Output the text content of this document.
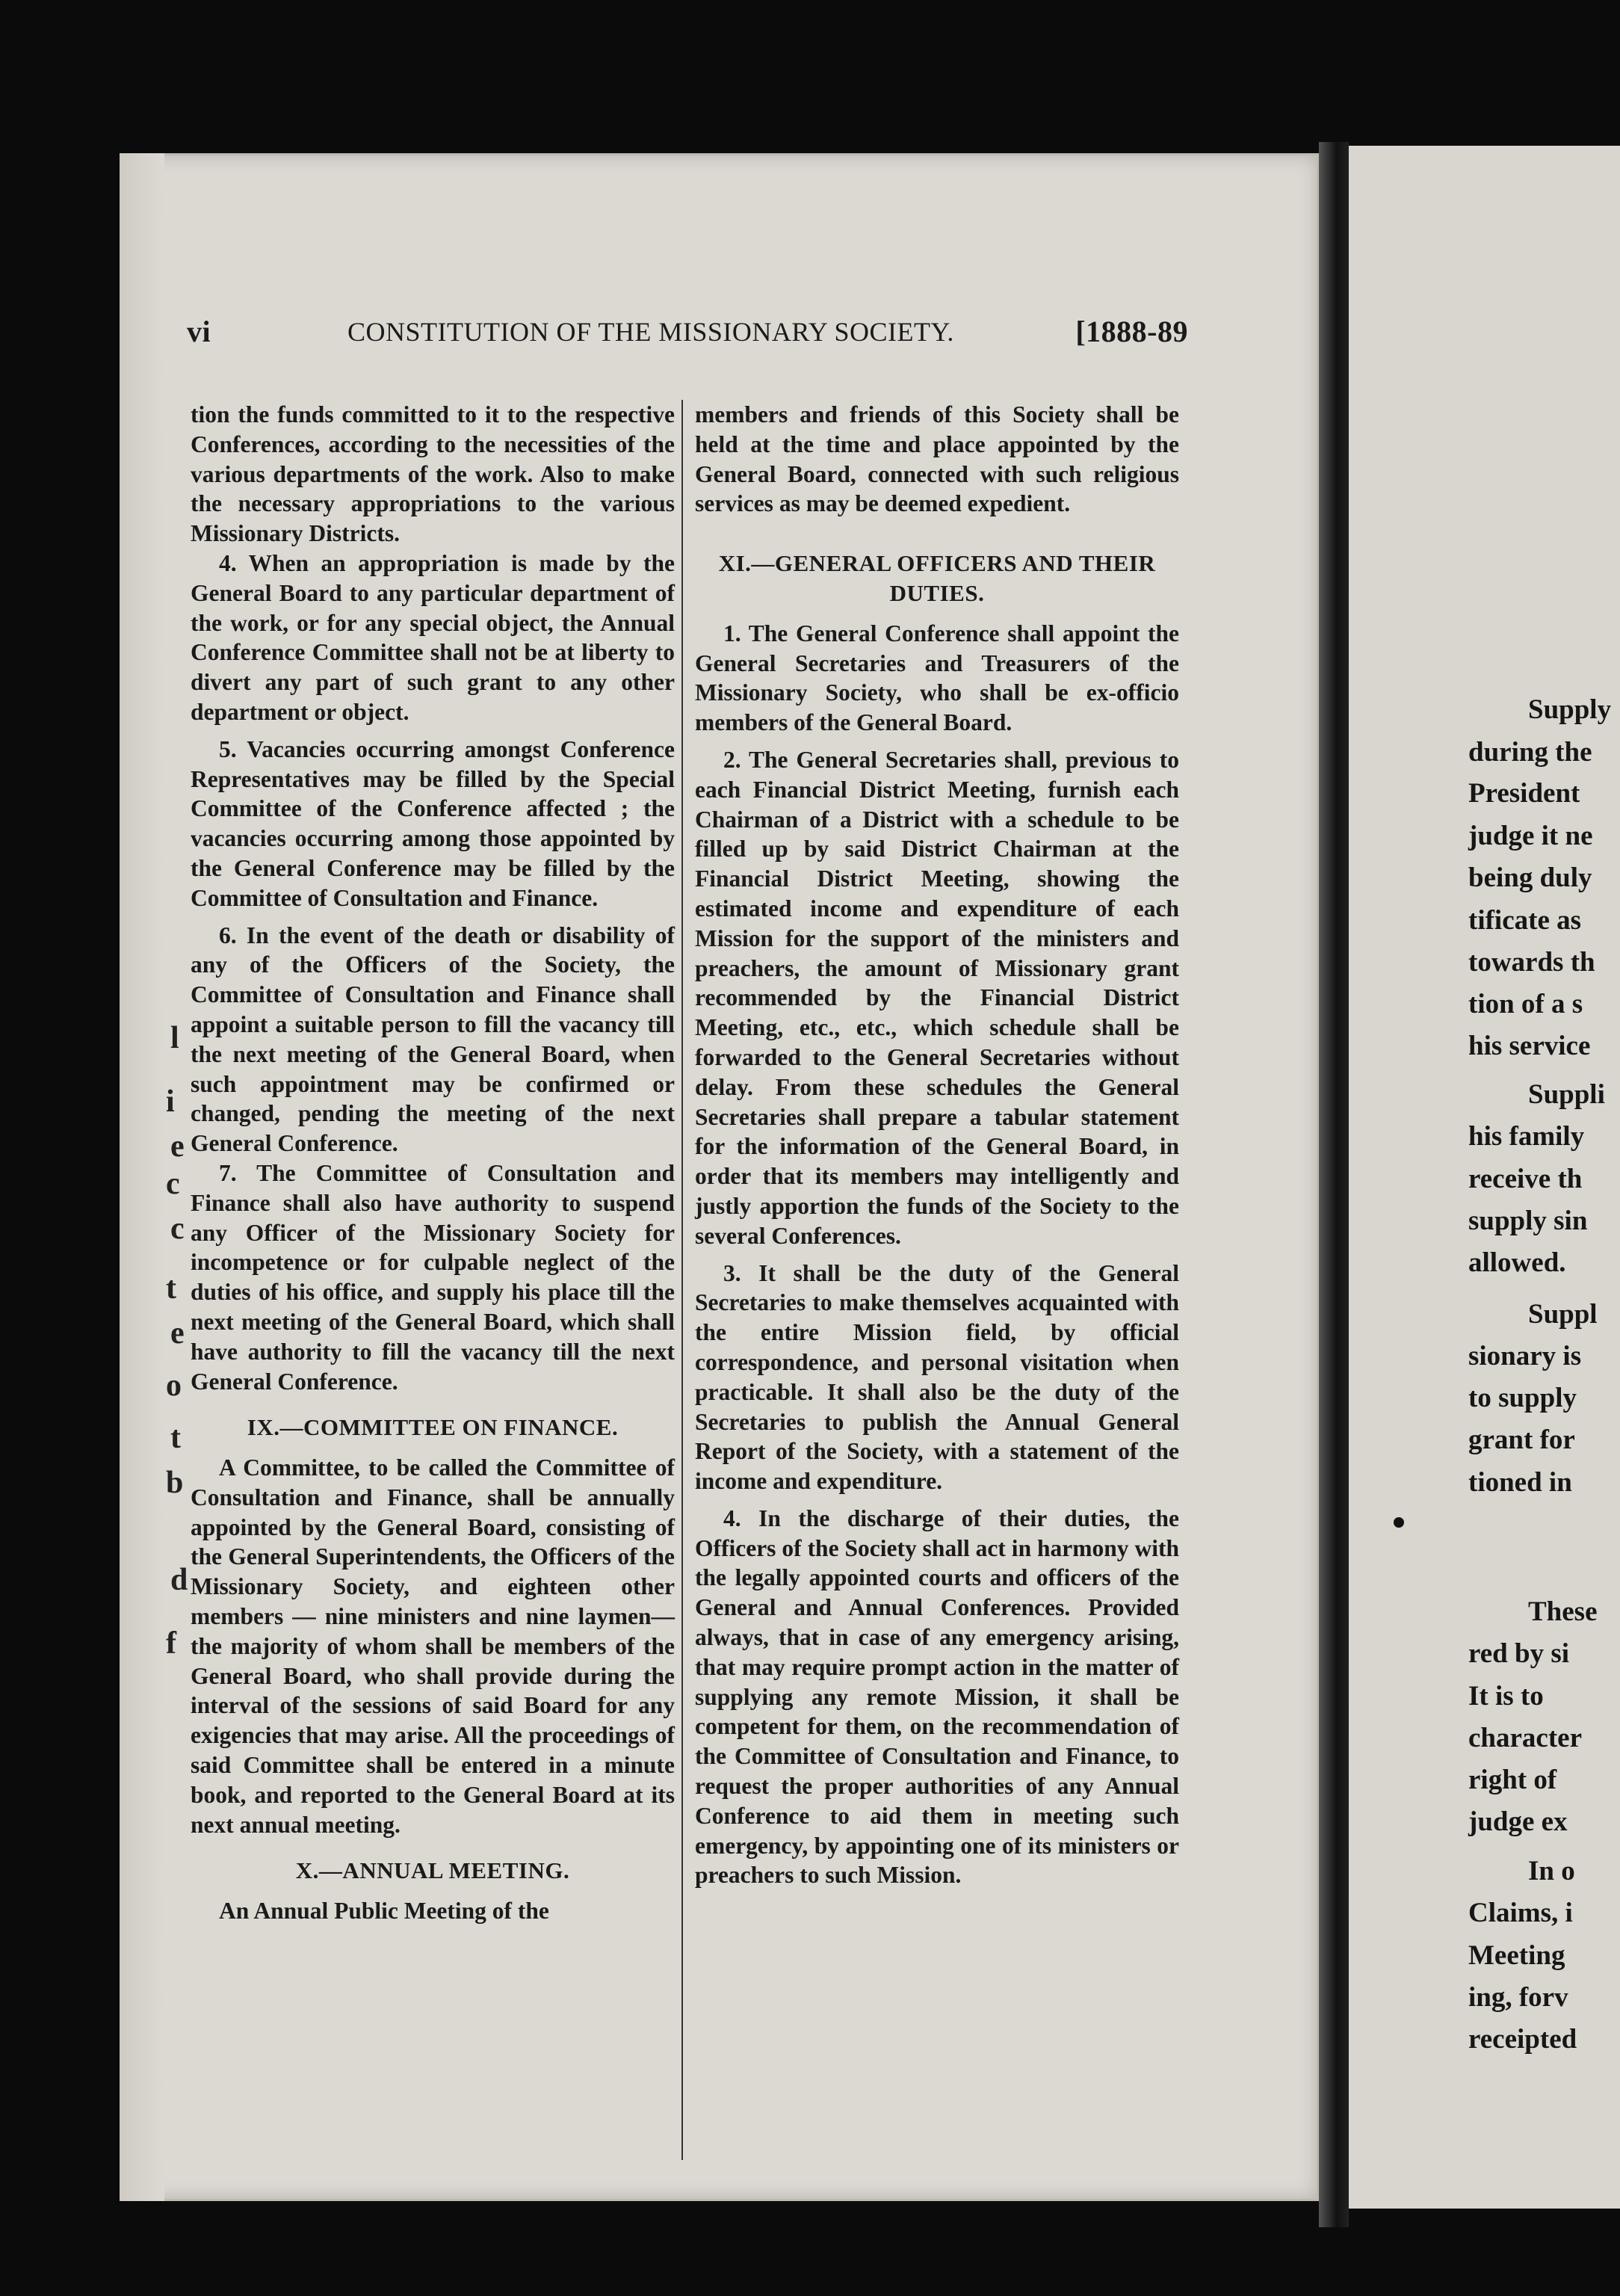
Supply
during the
President
judge it ne
being duly
tificate as
towards th
tion of a s
his service
Suppli
his family
receive th
supply sin
allowed.
Suppl
sionary is
to supply
grant for
tioned in
These
red by si
It is to
character
right of
judge ex
In o
Claims, i
Meeting
ing, forv
receipted
l
i
e
c
c
t
e
o
t
b
d
f
vi	CONSTITUTION OF THE MISSIONARY SOCIETY.	[1888-89

tion the funds committed to it to the respective Conferences, according to the necessities of the various departments of the work. Also to make the necessary appropriations to the various Missionary Districts.

4. When an appropriation is made by the General Board to any particular department of the work, or for any special object, the Annual Conference Committee shall not be at liberty to divert any part of such grant to any other department or object.

5. Vacancies occurring amongst Conference Representatives may be filled by the Special Committee of the Conference affected ; the vacancies occurring among those appointed by the General Conference may be filled by the Committee of Consultation and Finance.

6. In the event of the death or disability of any of the Officers of the Society, the Committee of Consultation and Finance shall appoint a suitable person to fill the vacancy till the next meeting of the General Board, when such appointment may be confirmed or changed, pending the meeting of the next General Conference.

7. The Committee of Consultation and Finance shall also have authority to suspend any Officer of the Missionary Society for incompetence or for culpable neglect of the duties of his office, and supply his place till the next meeting of the General Board, which shall have authority to fill the vacancy till the next General Conference.

IX.—COMMITTEE ON FINANCE.

A Committee, to be called the Committee of Consultation and Finance, shall be annually appointed by the General Board, consisting of the General Superintendents, the Officers of the Missionary Society, and eighteen other members — nine ministers and nine laymen—the majority of whom shall be members of the General Board, who shall provide during the interval of the sessions of said Board for any exigencies that may arise. All the proceedings of said Committee shall be entered in a minute book, and reported to the General Board at its next annual meeting.

X.—ANNUAL MEETING.

An Annual Public Meeting of the

members and friends of this Society shall be held at the time and place appointed by the General Board, connected with such religious services as may be deemed expedient.

XI.—GENERAL OFFICERS AND THEIR DUTIES.

1. The General Conference shall appoint the General Secretaries and Treasurers of the Missionary Society, who shall be ex-officio members of the General Board.

2. The General Secretaries shall, previous to each Financial District Meeting, furnish each Chairman of a District with a schedule to be filled up by said District Chairman at the Financial District Meeting, showing the estimated income and expenditure of each Mission for the support of the ministers and preachers, the amount of Missionary grant recommended by the Financial District Meeting, etc., etc., which schedule shall be forwarded to the General Secretaries without delay. From these schedules the General Secretaries shall prepare a tabular statement for the information of the General Board, in order that its members may intelligently and justly apportion the funds of the Society to the several Conferences.

3. It shall be the duty of the General Secretaries to make themselves acquainted with the entire Mission field, by official correspondence, and personal visitation when practicable. It shall also be the duty of the Secretaries to publish the Annual General Report of the Society, with a statement of the income and expenditure.

4. In the discharge of their duties, the Officers of the Society shall act in harmony with the legally appointed courts and officers of the General and Annual Conferences. Provided always, that in case of any emergency arising, that may require prompt action in the matter of supplying any remote Mission, it shall be competent for them, on the recommendation of the Committee of Consultation and Finance, to request the proper authorities of any Annual Conference to aid them in meeting such emergency, by appointing one of its ministers or preachers to such Mission.
